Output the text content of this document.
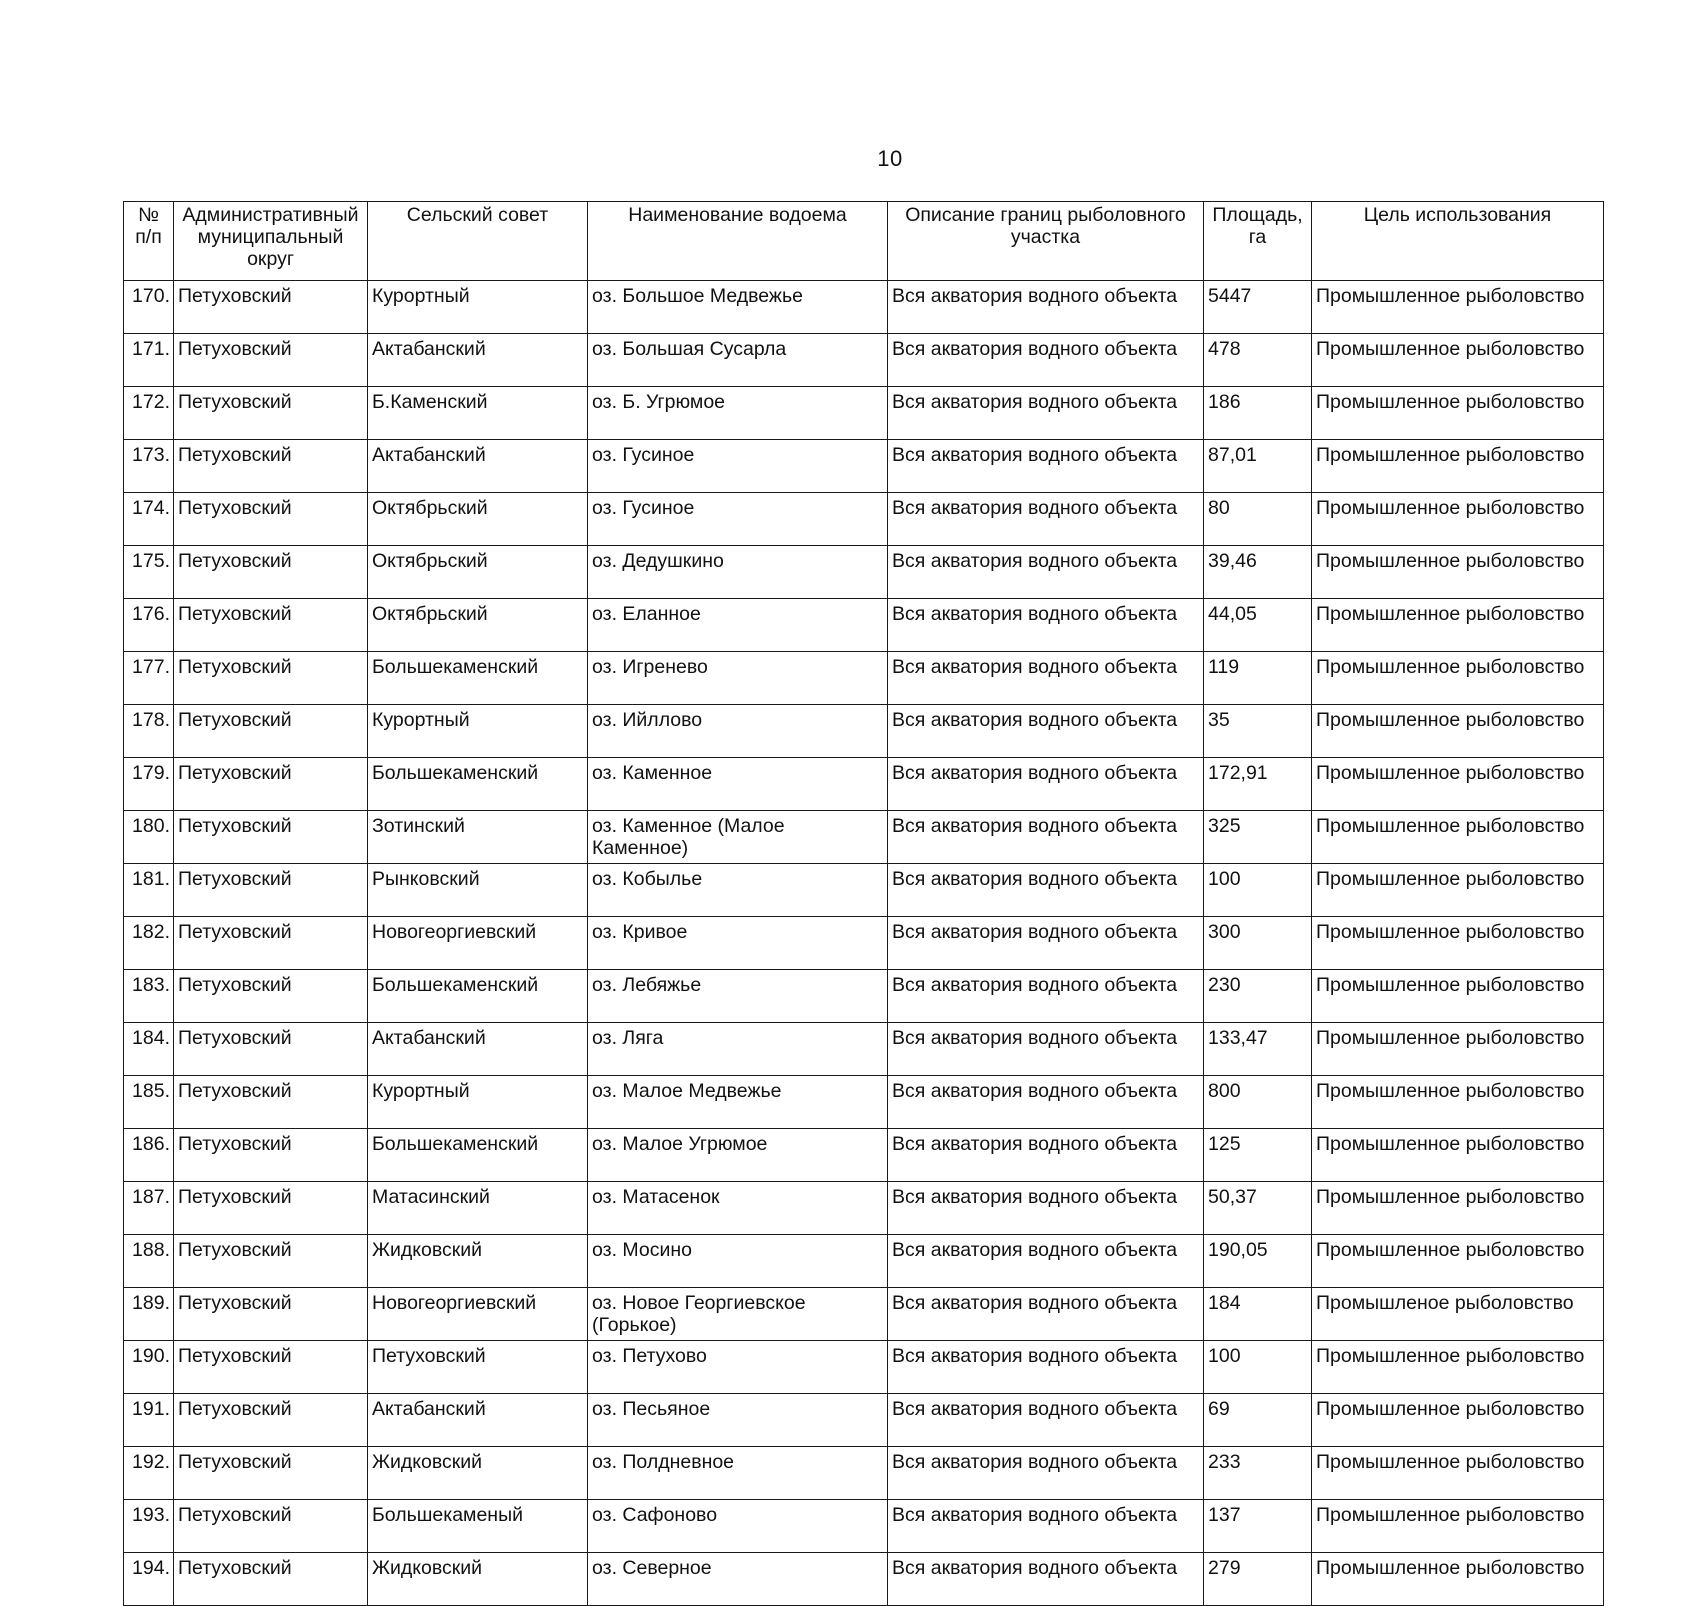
10
№ п/п	Административный муниципальный округ	Сельский совет	Наименование водоема	Описание границ рыболовного участка	Площадь, га	Цель использования
170.	Петуховский	Курортный	оз. Большое Медвежье	Вся акватория водного объекта	5447	Промышленное рыболовство
171.	Петуховский	Актабанский	оз. Большая Сусарла	Вся акватория водного объекта	478	Промышленное рыболовство
172.	Петуховский	Б.Каменский	оз. Б. Угрюмое	Вся акватория водного объекта	186	Промышленное рыболовство
173.	Петуховский	Актабанский	оз. Гусиное	Вся акватория водного объекта	87,01	Промышленное рыболовство
174.	Петуховский	Октябрьский	оз. Гусиное	Вся акватория водного объекта	80	Промышленное рыболовство
175.	Петуховский	Октябрьский	оз. Дедушкино	Вся акватория водного объекта	39,46	Промышленное рыболовство
176.	Петуховский	Октябрьский	оз. Еланное	Вся акватория водного объекта	44,05	Промышленное рыболовство
177.	Петуховский	Большекаменский	оз. Игренево	Вся акватория водного объекта	119	Промышленное рыболовство
178.	Петуховский	Курортный	оз. Ийллово	Вся акватория водного объекта	35	Промышленное рыболовство
179.	Петуховский	Большекаменский	оз. Каменное	Вся акватория водного объекта	172,91	Промышленное рыболовство
180.	Петуховский	Зотинский	оз. Каменное (Малое Каменное)	Вся акватория водного объекта	325	Промышленное рыболовство
181.	Петуховский	Рынковский	оз. Кобылье	Вся акватория водного объекта	100	Промышленное рыболовство
182.	Петуховский	Новогеоргиевский	оз. Кривое	Вся акватория водного объекта	300	Промышленное рыболовство
183.	Петуховский	Большекаменский	оз. Лебяжье	Вся акватория водного объекта	230	Промышленное рыболовство
184.	Петуховский	Актабанский	оз. Ляга	Вся акватория водного объекта	133,47	Промышленное рыболовство
185.	Петуховский	Курортный	оз. Малое Медвежье	Вся акватория водного объекта	800	Промышленное рыболовство
186.	Петуховский	Большекаменский	оз. Малое Угрюмое	Вся акватория водного объекта	125	Промышленное рыболовство
187.	Петуховский	Матасинский	оз. Матасенок	Вся акватория водного объекта	50,37	Промышленное рыболовство
188.	Петуховский	Жидковский	оз. Мосино	Вся акватория водного объекта	190,05	Промышленное рыболовство
189.	Петуховский	Новогеоргиевский	оз. Новое Георгиевское (Горькое)	Вся акватория водного объекта	184	Промышленое рыболовство
190.	Петуховский	Петуховский	оз. Петухово	Вся акватория водного объекта	100	Промышленное рыболовство
191.	Петуховский	Актабанский	оз. Песьяное	Вся акватория водного объекта	69	Промышленное рыболовство
192.	Петуховский	Жидковский	оз. Полдневное	Вся акватория водного объекта	233	Промышленное рыболовство
193.	Петуховский	Большекаменый	оз. Сафоново	Вся акватория водного объекта	137	Промышленное рыболовство
194.	Петуховский	Жидковский	оз. Северное	Вся акватория водного объекта	279	Промышленное рыболовство
